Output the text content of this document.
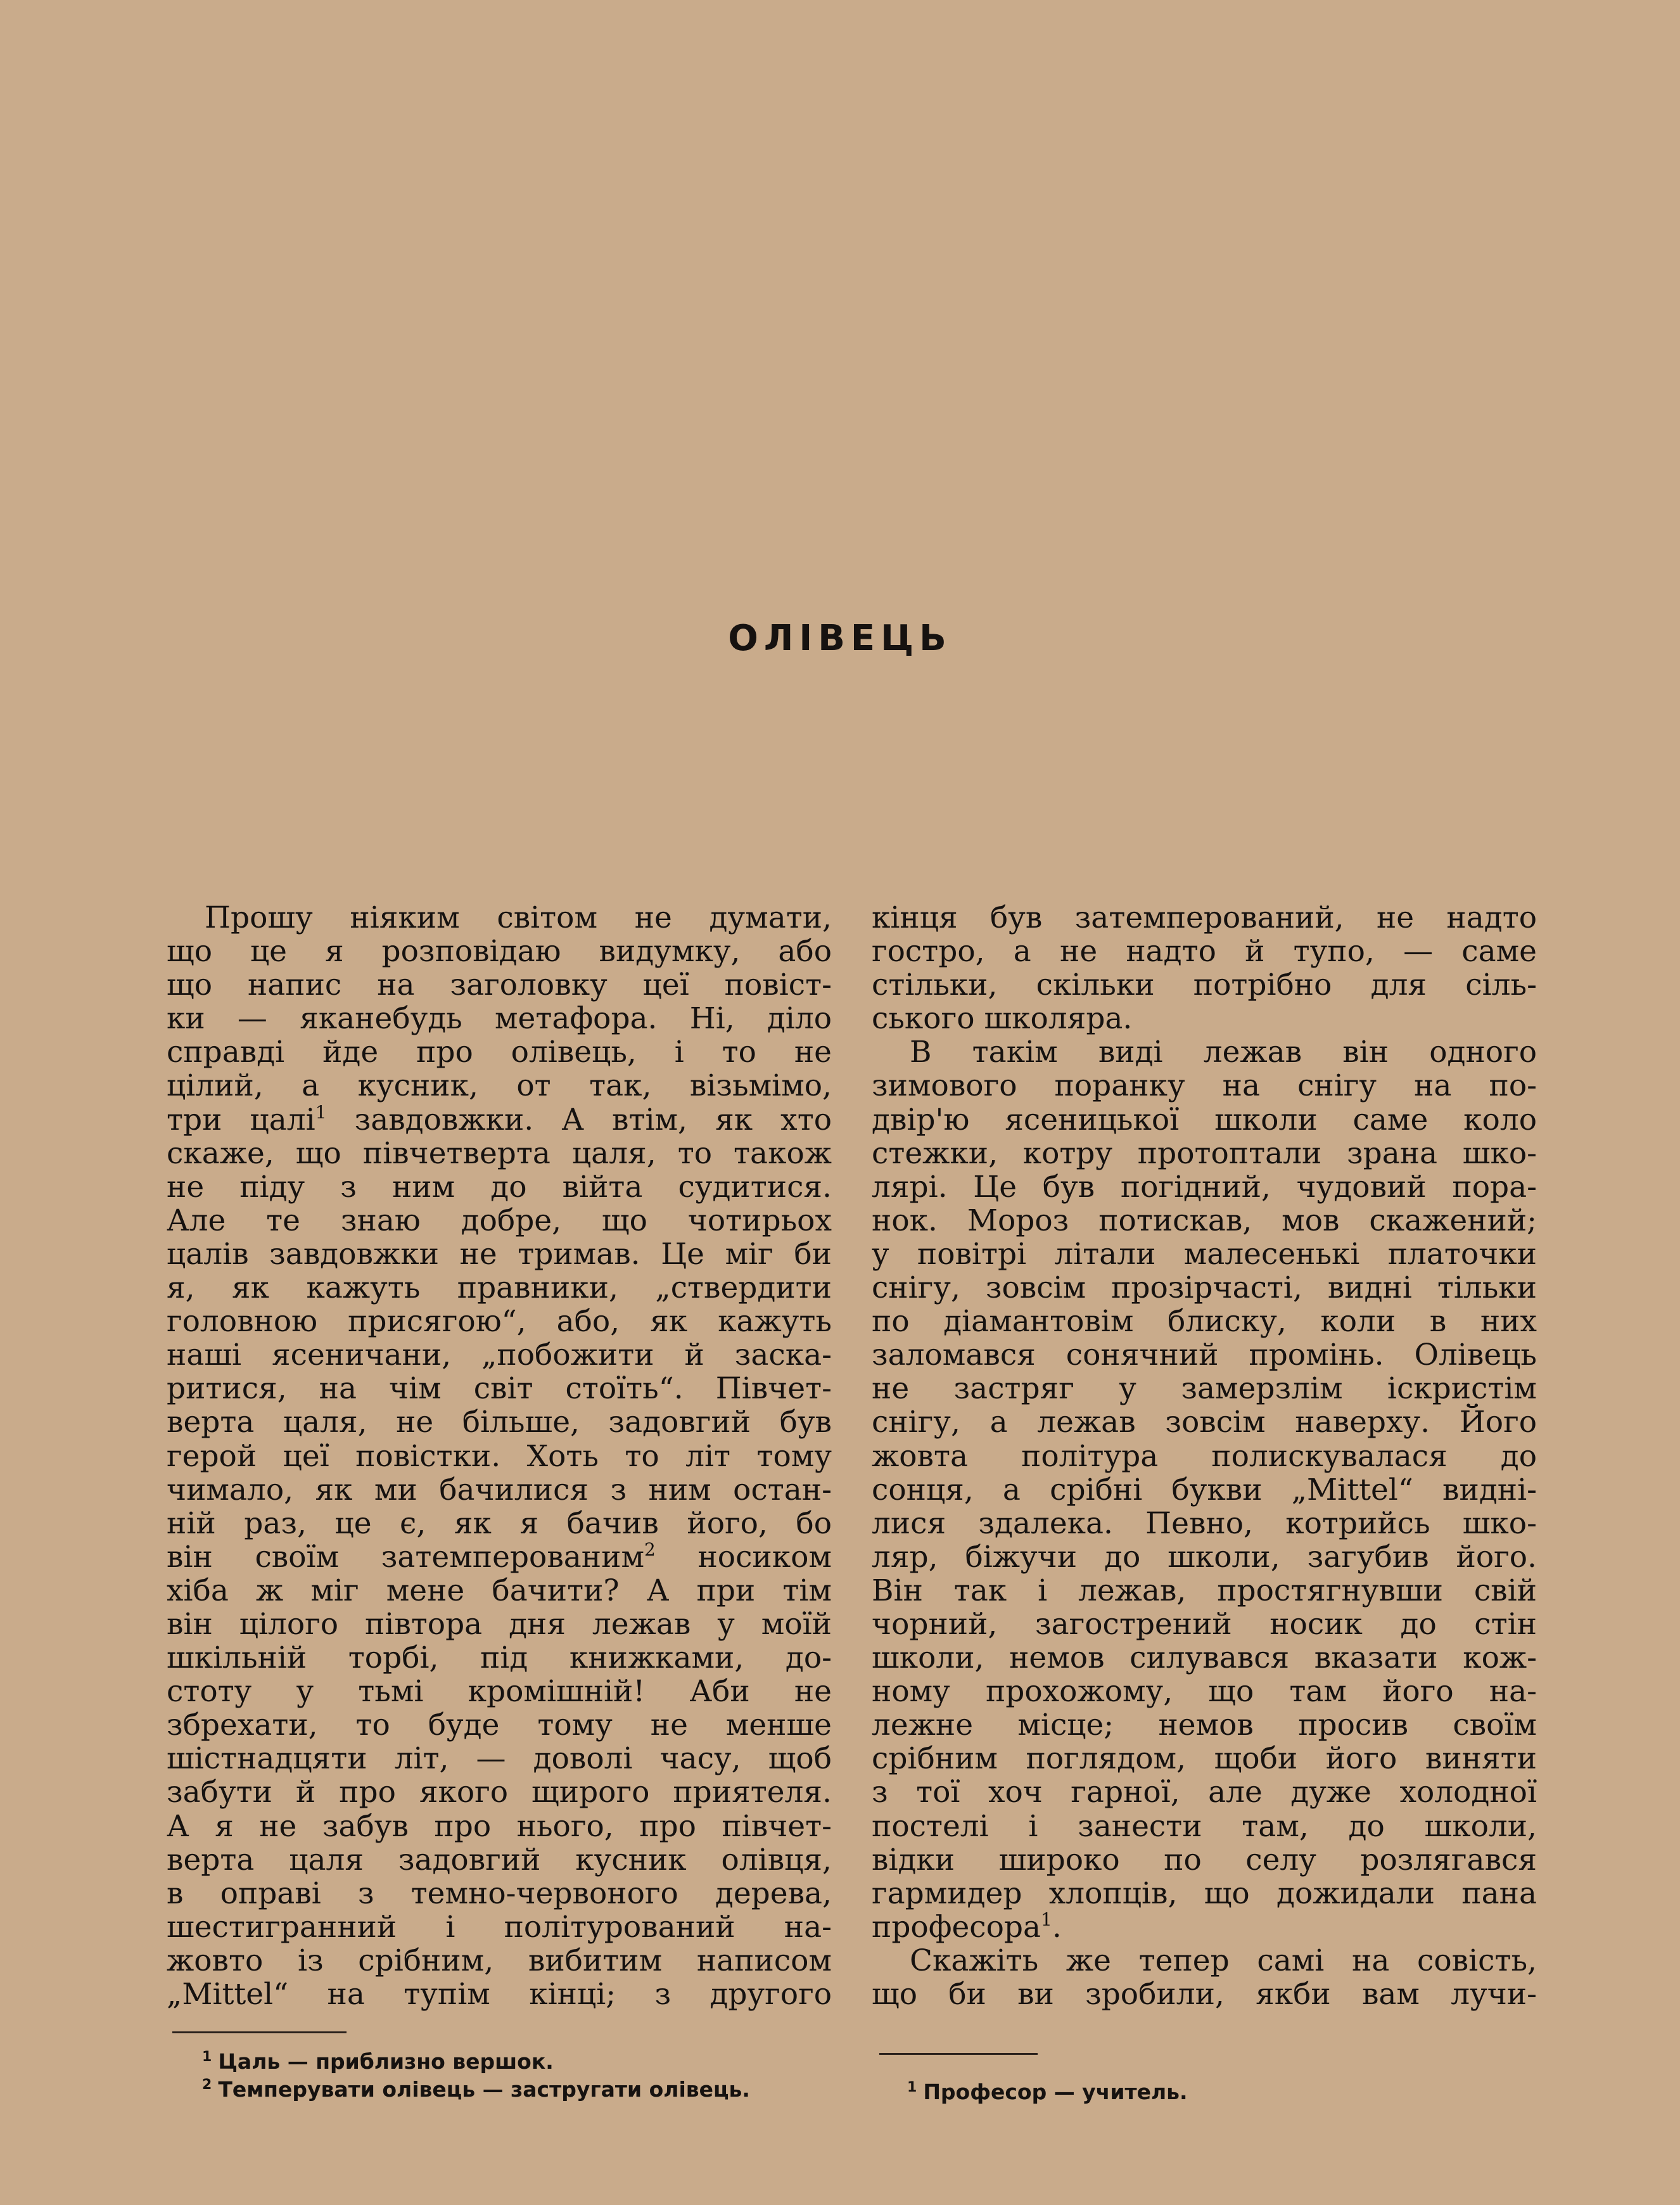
ОЛІВЕЦЬ

Прошу ніяким світом не думати,

що це я розповідаю видумку, або

що напис на заголовку цеї повіст-

ки — яканебудь метафора. Ні, діло

справді йде про олівець, і то не

цілий, а кусник, от так, візьмімо,

три цалі$^1$ завдовжки. А втім, як хто

скаже, що півчетверта цаля, то також

не піду з ним до війта судитися.

Але те знаю добре, що чотирьох

цалів завдовжки не тримав. Це міг би

я, як кажуть правники, „ствердити

головною присягою“, або, як кажуть

наші ясеничани, „побожити й зaска-

ритися, на чім світ стоїть“. Півчет-

верта цаля, не більше, задовгий був

герой цеї повістки. Хоть то літ тому

чимало, як ми бачилися з ним остан-

ній раз, це є, як я бачив його, бо

він своїм затемперованим$^2$ носиком

хіба ж міг мене бачити? А при тім

він цілого півтора дня лежав у моїй

шкільній торбі, під книжками, до-

стоту у тьмі кромішній! Аби не

збрехати, то буде тому не менше

шістнадцяти літ, — доволі часу, щоб

забути й про якого щирого приятеля.

А я не забув про нього, про півчет-

верта цаля задовгий кусник олівця,

в оправі з темно-червоного дерева,

шестигранний і політурований на-

жовто із срібним, вибитим написом

„Mittel“ на тупім кінці; з другого

кінця був затемперований, не надто

гостро, а не надто й тупо, — саме

стільки, скільки потрібно для сіль-

ського школяра.

В такім виді лежав він одного

зимового поранку на снігу на по-

двір'ю ясеницької школи саме коло

стежки, котру протоптали зрана шко-

лярі. Це був погідний, чудовий пора-

нок. Мороз потискав, мов скажений;

у повітрі літали малесенькі платочки

снігу, зовсім прозірчасті, видні тільки

по діамантовім блиску, коли в них

заломався сонячний промінь. Олівець

не застряг у замерзлім іскристім

снігу, а лежав зовсім наверху. Його

жовта політура полискувалася до

сонця, а срібні букви „Mittel“ видні-

лися здалека. Певно, котрийсь шко-

ляр, біжучи до школи, загубив його.

Він так і лежав, простягнувши свій

чорний, загострений носик до стін

школи, немов силувався вказати кож-

ному прохожому, що там його на-

лежне місце; немов просив своїм

срібним поглядом, щоби його виняти

з тої хоч гарної, але дуже холодної

постелі і занести там, до школи,

відки широко по селу розлягався

гармидер хлопців, що дожидали пана

професора$^1$.

Скажіть же тепер самі на совість,

що би ви зробили, якби вам лучи-

$^1$ Цаль — приблизно вершок.

$^2$ Темперувати олівець — застругати олівець.	$^1$ Професор — учитель.
